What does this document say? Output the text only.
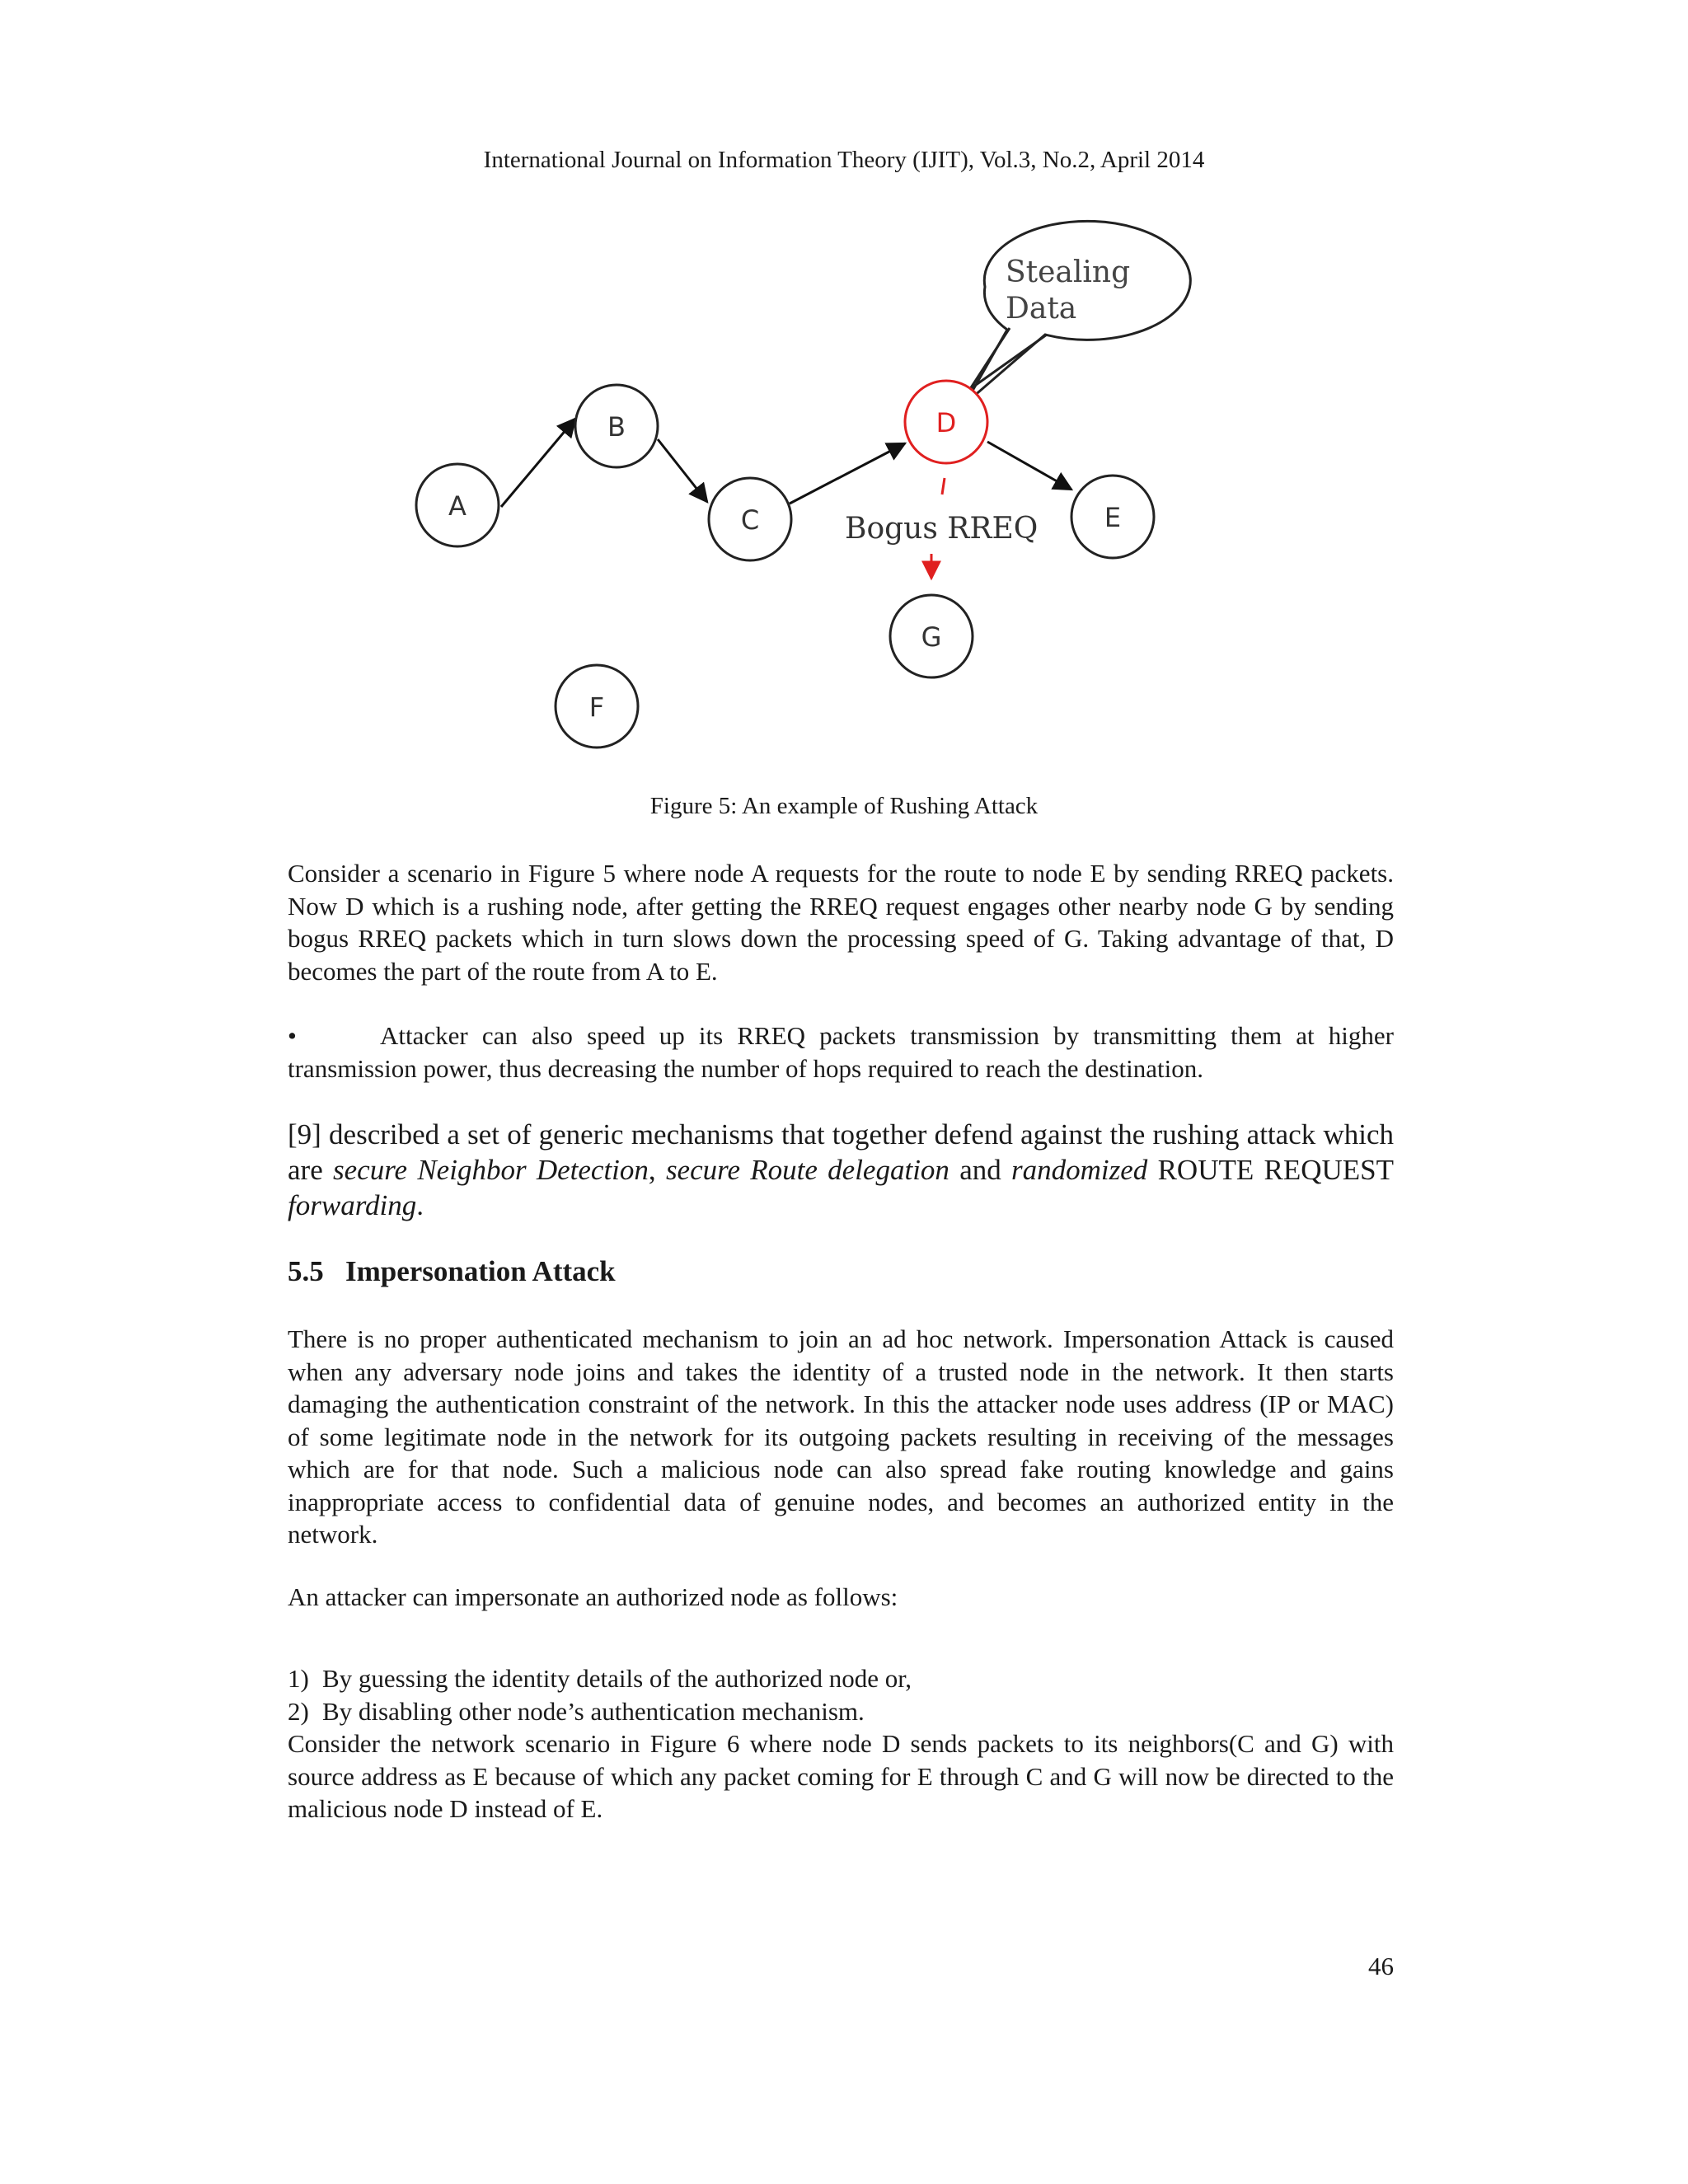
International Journal on Information Theory (IJIT), Vol.3, No.2, April 2014
Stealing
Data
A
B
C
D
E
G
F
Bogus RREQ
Figure 5: An example of Rushing Attack
Consider a scenario in Figure 5 where node A requests for the route to node E by sending RREQ packets. Now D which is a rushing node, after getting the RREQ request engages other nearby node G by sending bogus RREQ packets which in turn slows down the processing speed of G. Taking advantage of that, D becomes the part of the route from A to E.
•	Attacker can also speed up its RREQ packets transmission by transmitting them at higher transmission power, thus decreasing the number of hops required to reach the destination.
[9] described a set of generic mechanisms that together defend against the rushing attack which are secure Neighbor Detection, secure Route delegation and randomized ROUTE REQUEST forwarding.
5.5 Impersonation Attack
There is no proper authenticated mechanism to join an ad hoc network. Impersonation Attack is caused when any adversary node joins and takes the identity of a trusted node in the network. It then starts damaging the authentication constraint of the network. In this the attacker node uses address (IP or MAC) of some legitimate node in the network for its outgoing packets resulting in receiving of the messages which are for that node. Such a malicious node can also spread fake routing knowledge and gains inappropriate access to confidential data of genuine nodes, and becomes an authorized entity in the network.
An attacker can impersonate an authorized node as follows:
1) By guessing the identity details of the authorized node or,
2) By disabling other node’s authentication mechanism.
Consider the network scenario in Figure 6 where node D sends packets to its neighbors(C and G) with source address as E because of which any packet coming for E through C and G will now be directed to the malicious node D instead of E.
46
